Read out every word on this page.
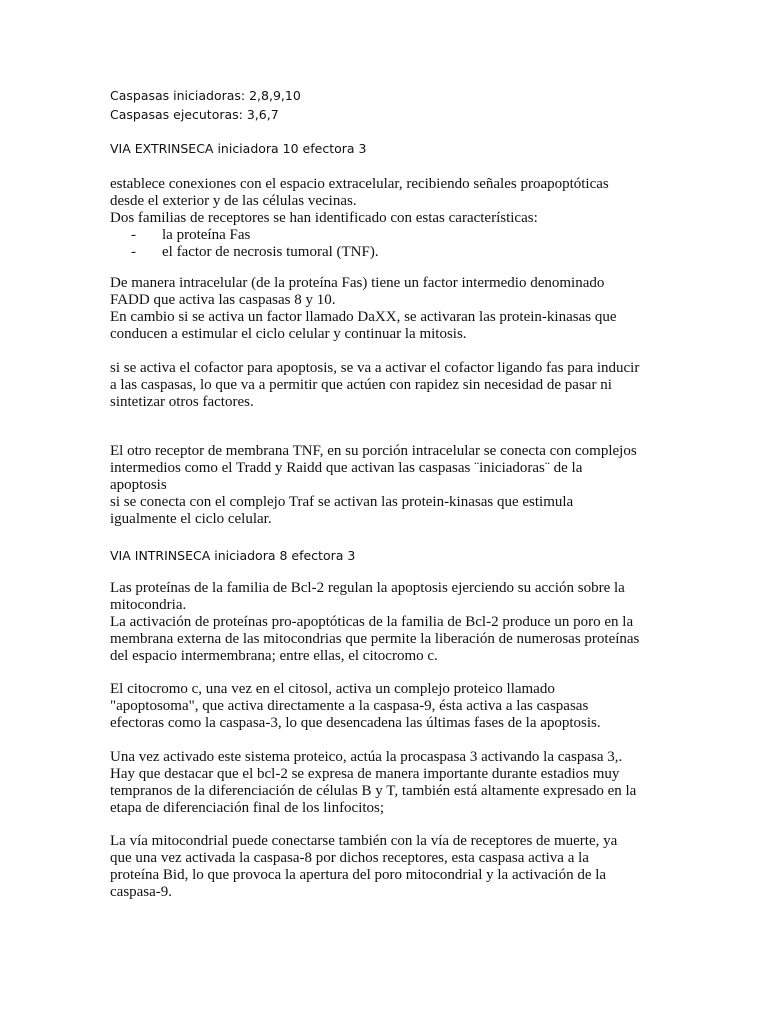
Caspasas iniciadoras: 2,8,9,10
Caspasas ejecutoras: 3,6,7
VIA EXTRINSECA iniciadora 10 efectora 3
establece conexiones con el espacio extracelular, recibiendo señales proapoptóticas
desde el exterior y de las células vecinas.
Dos familias de receptores se han identificado con estas características:
- la proteína Fas
- el factor de necrosis tumoral (TNF).
De manera intracelular (de la proteína Fas) tiene un factor intermedio denominado
FADD que activa las caspasas 8 y 10.
En cambio si se activa un factor llamado DaXX, se activaran las protein-kinasas que
conducen a estimular el ciclo celular y continuar la mitosis.
si se activa el cofactor para apoptosis, se va a activar el cofactor ligando fas para inducir
a las caspasas, lo que va a permitir que actúen con rapidez sin necesidad de pasar ni
sintetizar otros factores.
El otro receptor de membrana TNF, en su porción intracelular se conecta con complejos
intermedios como el Tradd y Raidd que activan las caspasas ¨iniciadoras¨ de la
apoptosis
si se conecta con el complejo Traf se activan las protein-kinasas que estimula
igualmente el ciclo celular.
VIA INTRINSECA iniciadora 8 efectora 3
Las proteínas de la familia de Bcl-2 regulan la apoptosis ejerciendo su acción sobre la
mitocondria.
La activación de proteínas pro-apoptóticas de la familia de Bcl-2 produce un poro en la
membrana externa de las mitocondrias que permite la liberación de numerosas proteínas
del espacio intermembrana; entre ellas, el citocromo c.
El citocromo c, una vez en el citosol, activa un complejo proteico llamado
"apoptosoma", que activa directamente a la caspasa-9, ésta activa a las caspasas
efectoras como la caspasa-3, lo que desencadena las últimas fases de la apoptosis.
Una vez activado este sistema proteico, actúa la procaspasa 3 activando la caspasa 3,.
Hay que destacar que el bcl-2 se expresa de manera importante durante estadios muy
tempranos de la diferenciación de células B y T, también está altamente expresado en la
etapa de diferenciación final de los linfocitos;
La vía mitocondrial puede conectarse también con la vía de receptores de muerte, ya
que una vez activada la caspasa-8 por dichos receptores, esta caspasa activa a la
proteína Bid, lo que provoca la apertura del poro mitocondrial y la activación de la
caspasa-9.
